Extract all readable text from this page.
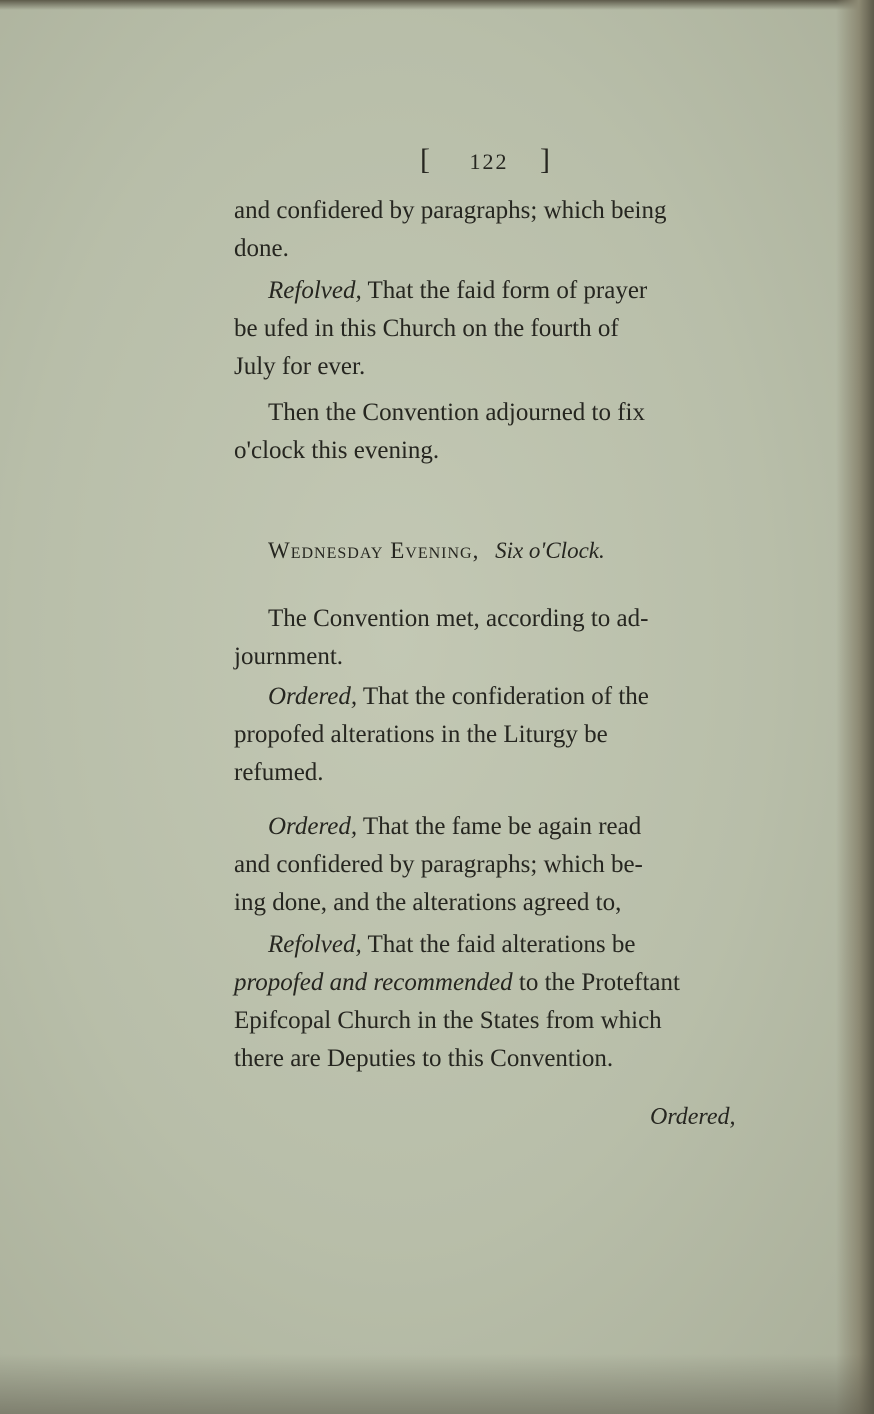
[ 122 ]
and confidered by paragraphs; which being
done.
Refolved, That the faid form of prayer
be ufed in this Church on the fourth of
July for ever.
Then the Convention adjourned to fix
o'clock this evening.
Wednesday Evening, Six o'Clock.
The Convention met, according to ad-
journment.
Ordered, That the confideration of the
propofed alterations in the Liturgy be
refumed.
Ordered, That the fame be again read
and confidered by paragraphs; which be-
ing done, and the alterations agreed to,
Refolved, That the faid alterations be
propofed and recommended to the Proteftant
Epifcopal Church in the States from which
there are Deputies to this Convention.
Ordered,
